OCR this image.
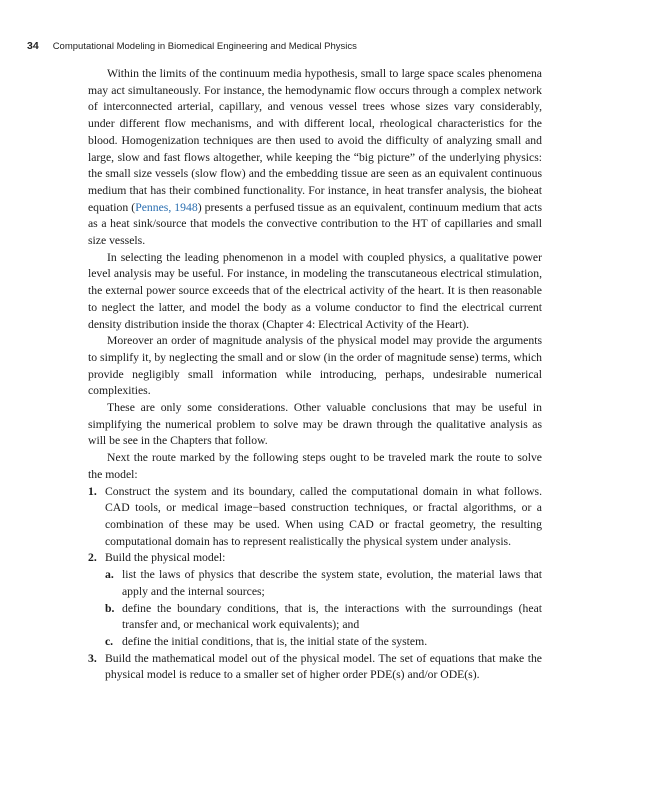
34 Computational Modeling in Biomedical Engineering and Medical Physics

Within the limits of the continuum media hypothesis, small to large space scales phenomena may act simultaneously. For instance, the hemodynamic flow occurs through a complex network of interconnected arterial, capillary, and venous vessel trees whose sizes vary considerably, under different flow mechanisms, and with different local, rheological characteristics for the blood. Homogenization techniques are then used to avoid the difficulty of analyzing small and large, slow and fast flows altogether, while keeping the “big picture” of the underlying physics: the small size vessels (slow flow) and the embedding tissue are seen as an equivalent continuous medium that has their combined functionality. For instance, in heat transfer analysis, the bioheat equation (Pennes, 1948) presents a perfused tissue as an equivalent, continuum medium that acts as a heat sink/source that models the convective contribution to the HT of capillaries and small size vessels.

In selecting the leading phenomenon in a model with coupled physics, a qualitative power level analysis may be useful. For instance, in modeling the transcutaneous electrical stimulation, the external power source exceeds that of the electrical activity of the heart. It is then reasonable to neglect the latter, and model the body as a volume conductor to find the electrical current density distribution inside the thorax (Chapter 4: Electrical Activity of the Heart).

Moreover an order of magnitude analysis of the physical model may provide the arguments to simplify it, by neglecting the small and or slow (in the order of magnitude sense) terms, which provide negligibly small information while introducing, perhaps, undesirable numerical complexities.

These are only some considerations. Other valuable conclusions that may be useful in simplifying the numerical problem to solve may be drawn through the qualitative analysis as will be see in the Chapters that follow.

Next the route marked by the following steps ought to be traveled mark the route to solve the model:

1. Construct the system and its boundary, called the computational domain in what follows. CAD tools, or medical image−based construction techniques, or fractal algorithms, or a combination of these may be used. When using CAD or fractal geometry, the resulting computational domain has to represent realistically the physical system under analysis.
2. Build the physical model:
a. list the laws of physics that describe the system state, evolution, the material laws that apply and the internal sources;
b. define the boundary conditions, that is, the interactions with the surroundings (heat transfer and, or mechanical work equivalents); and
c. define the initial conditions, that is, the initial state of the system.
3. Build the mathematical model out of the physical model. The set of equations that make the physical model is reduce to a smaller set of higher order PDE(s) and/or ODE(s).
